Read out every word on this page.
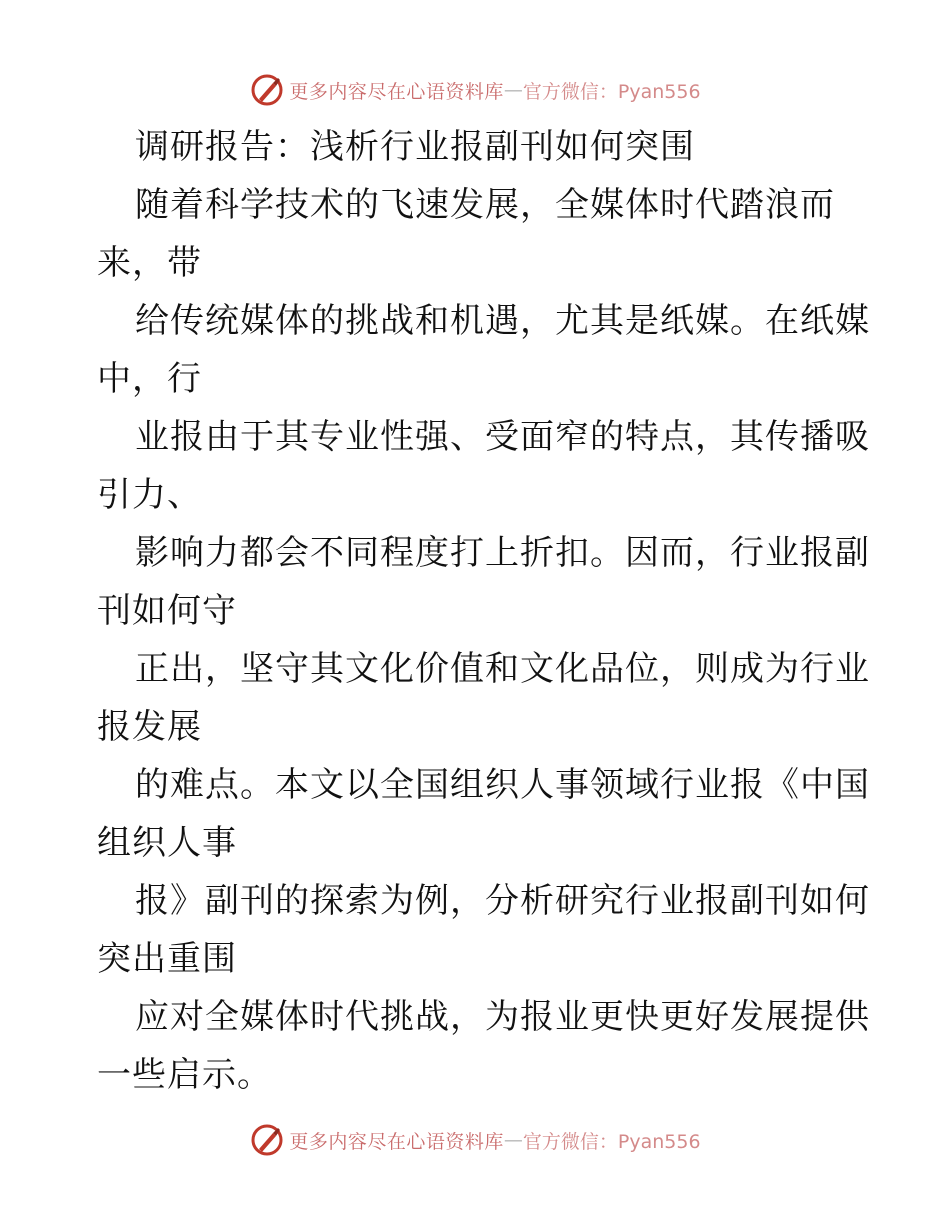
更多内容尽在心语资料库 — 官方微信：Pyan556
调研报告：浅析行业报副刊如何突围
随着科学技术的飞速发展，全媒体时代踏浪而
来，带
给传统媒体的挑战和机遇，尤其是纸媒。在纸媒
中，行
业报由于其专业性强、受面窄的特点，其传播吸
引力、
影响力都会不同程度打上折扣。因而，行业报副
刊如何守
正出，坚守其文化价值和文化品位，则成为行业
报发展
的难点。本文以全国组织人事领域行业报《中国
组织人事
报》副刊的探索为例，分析研究行业报副刊如何
突出重围
应对全媒体时代挑战，为报业更快更好发展提供
一些启示。
更多内容尽在心语资料库 — 官方微信：Pyan556
